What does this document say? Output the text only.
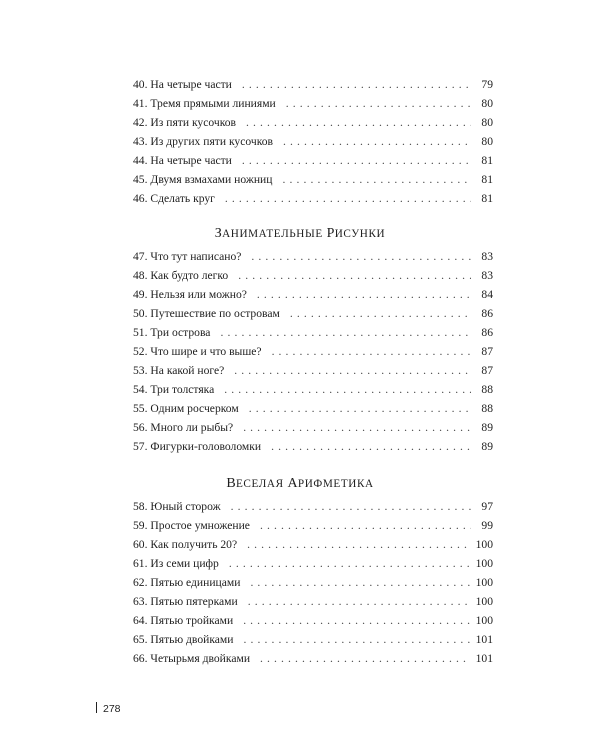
40. На четыре части . . .	79
41. Тремя прямыми линиями . . .	80
42. Из пяти кусочков . . .	80
43. Из других пяти кусочков . . .	80
44. На четыре части . . .	81
45. Двумя взмахами ножниц . . .	81
46. Сделать круг . . .	81
ЗАНИМАТЕЛЬНЫЕ РИСУНКИ
47. Что тут написано? . . .	83
48. Как будто легко . . .	83
49. Нельзя или можно? . . .	84
50. Путешествие по островам . . .	86
51. Три острова . . .	86
52. Что шире и что выше? . . .	87
53. На какой ноге? . . .	87
54. Три толстяка . . .	88
55. Одним росчерком . . .	88
56. Много ли рыбы? . . .	89
57. Фигурки-головоломки . . .	89
ВЕСЕЛАЯ АРИФМЕТИКА
58. Юный сторож . . .	97
59. Простое умножение . . .	99
60. Как получить 20? . . .	100
61. Из семи цифр . . .	100
62. Пятью единицами . . .	100
63. Пятью пятерками . . .	100
64. Пятью тройками . . .	100
65. Пятью двойками . . .	101
66. Четырьмя двойками . . .	101
278
